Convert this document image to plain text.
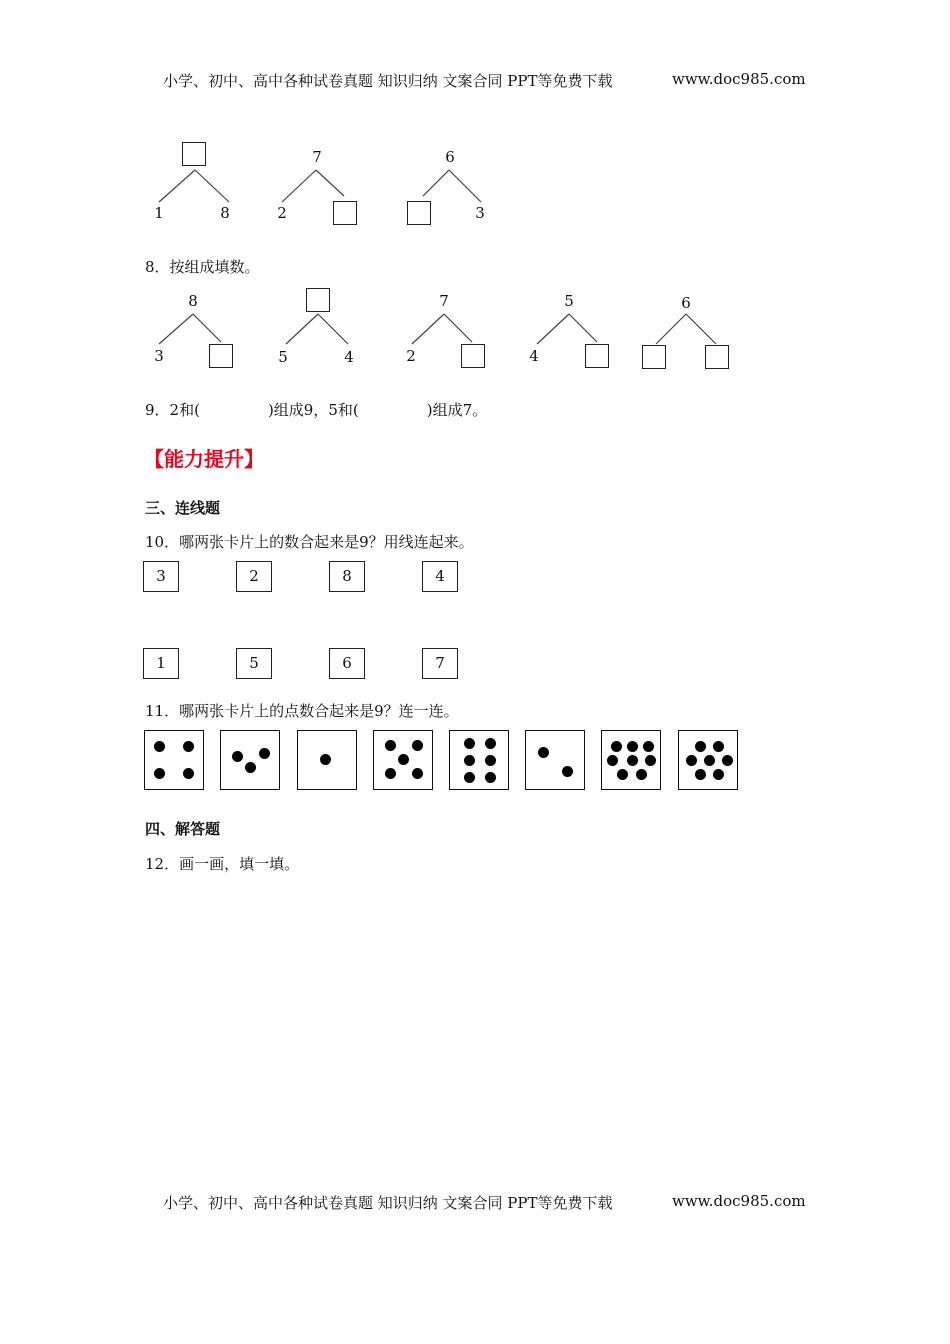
小学、初中、高中各种试卷真题 知识归纳 文案合同 PPT等免费下载	www.doc985.com
1	8
7
2
6
3
8．按组成填数。
8
3	5	4
7
2
5
4
6
9．2和(	)组成9，5和(	)组成7。
【能力提升】
三、连线题
10．哪两张卡片上的数合起来是9？用线连起来。
3	2	8	4
1	5	6	7
11．哪两张卡片上的点数合起来是9？连一连。
四、解答题
12．画一画，填一填。
小学、初中、高中各种试卷真题 知识归纳 文案合同 PPT等免费下载	www.doc985.com
